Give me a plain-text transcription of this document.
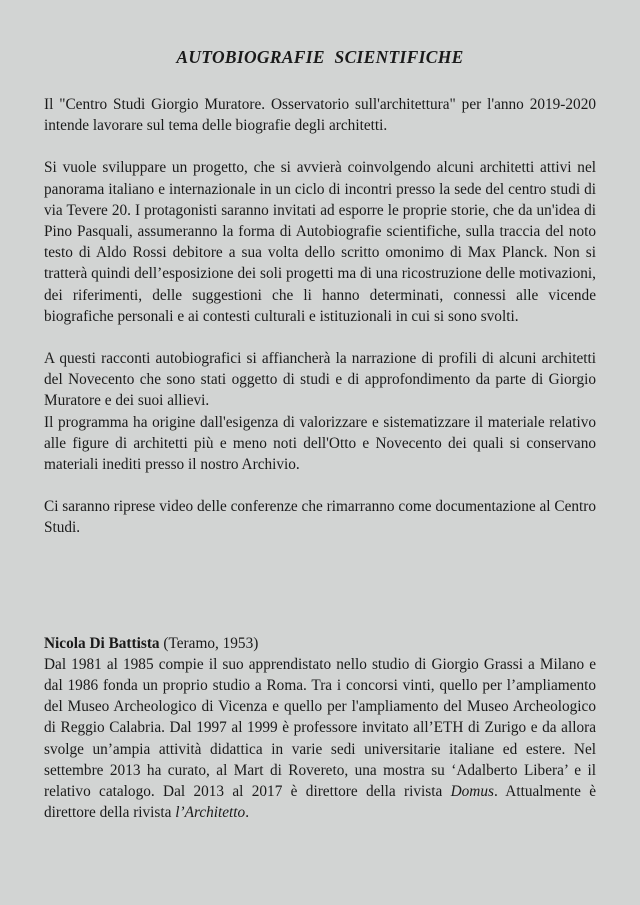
AUTOBIOGRAFIE SCIENTIFICHE

Il "Centro Studi Giorgio Muratore. Osservatorio sull'architettura" per l'anno 2019-2020 intende lavorare sul tema delle biografie degli architetti.

Si vuole sviluppare un progetto, che si avvierà coinvolgendo alcuni architetti attivi nel panorama italiano e internazionale in un ciclo di incontri presso la sede del centro studi di via Tevere 20. I protagonisti saranno invitati ad esporre le proprie storie, che da un'idea di Pino Pasquali, assumeranno la forma di Autobiografie scientifiche, sulla traccia del noto testo di Aldo Rossi debitore a sua volta dello scritto omonimo di Max Planck. Non si tratterà quindi dell’esposizione dei soli progetti ma di una ricostruzione delle motivazioni, dei riferimenti, delle suggestioni che li hanno determinati, connessi alle vicende biografiche personali e ai contesti culturali e istituzionali in cui si sono svolti.

A questi racconti autobiografici si affiancherà la narrazione di profili di alcuni architetti del Novecento che sono stati oggetto di studi e di approfondimento da parte di Giorgio Muratore e dei suoi allievi.

Il programma ha origine dall'esigenza di valorizzare e sistematizzare il materiale relativo alle figure di architetti più e meno noti dell'Otto e Novecento dei quali si conservano materiali inediti presso il nostro Archivio.

Ci saranno riprese video delle conferenze che rimarranno come documentazione al Centro Studi.

Nicola Di Battista (Teramo, 1953)

Dal 1981 al 1985 compie il suo apprendistato nello studio di Giorgio Grassi a Milano e dal 1986 fonda un proprio studio a Roma. Tra i concorsi vinti, quello per l’ampliamento del Museo Archeologico di Vicenza e quello per l'ampliamento del Museo Archeologico di Reggio Calabria. Dal 1997 al 1999 è professore invitato all’ETH di Zurigo e da allora svolge un’ampia attività didattica in varie sedi universitarie italiane ed estere. Nel settembre 2013 ha curato, al Mart di Rovereto, una mostra su ‘Adalberto Libera’ e il relativo catalogo. Dal 2013 al 2017 è direttore della rivista Domus. Attualmente è direttore della rivista l’Architetto.
